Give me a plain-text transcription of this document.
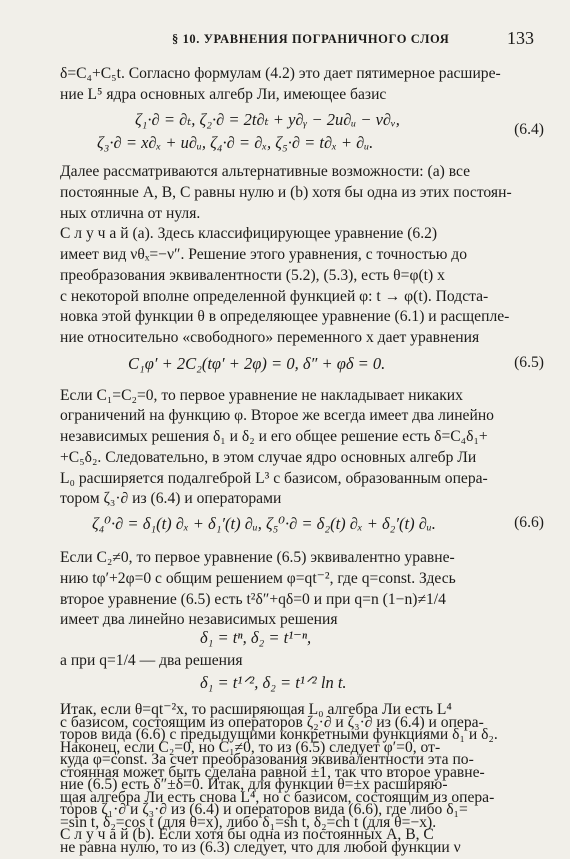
§ 10. УРАВНЕНИЯ ПОГРАНИЧНОГО СЛОЯ	133
δ=C₄+C₅t. Согласно формулам (4.2) это дает пятимерное расшире-
ние L⁵ ядра основных алгебр Ли, имеющее базис
ζ₁·∂ = ∂ₜ, ζ₂·∂ = 2t∂ₜ + y∂ᵧ − 2u∂ᵤ − v∂ᵥ,
ζ₃·∂ = x∂ₓ + u∂ᵤ, ζ₄·∂ = ∂ₓ, ζ₅·∂ = t∂ₓ + ∂ᵤ.
(6.4)
Далее рассматриваются альтернативные возможности: (a) все
постоянные A, B, C равны нулю и (b) хотя бы одна из этих постоян-
ных отлична от нуля.
С л у ч а й (a). Здесь классифицирующее уравнение (6.2)
имеет вид νθₓ=−ν″. Решение этого уравнения, с точностью до
преобразования эквивалентности (5.2), (5.3), есть θ=φ(t) x
с некоторой вполне определенной функцией φ: t → φ(t). Подста-
новка этой функции θ в определяющее уравнение (6.1) и расщепле-
ние относительно «свободного» переменного x дает уравнения
C₁φ′ + 2C₂(tφ′ + 2φ) = 0, δ″ + φδ = 0.	(6.5)
Если C₁=C₂=0, то первое уравнение не накладывает никаких
ограничений на функцию φ. Второе же всегда имеет два линейно
независимых решения δ₁ и δ₂ и его общее решение есть δ=C₄δ₁+
+C₅δ₂. Следовательно, в этом случае ядро основных алгебр Ли
L₀ расширяется подалгеброй L³ с базисом, образованным опера-
тором ζ₃·∂ из (6.4) и операторами
ζ₄⁰·∂ = δ₁(t) ∂ₓ + δ₁′(t) ∂ᵤ, ζ₅⁰·∂ = δ₂(t) ∂ₓ + δ₂′(t) ∂ᵤ.	(6.6)
Если C₂≠0, то первое уравнение (6.5) эквивалентно уравне-
нию tφ′+2φ=0 с общим решением φ=qt⁻², где q=const. Здесь
второе уравнение (6.5) есть t²δ″+qδ=0 и при q=n (1−n)≠1/4
имеет два линейно независимых решения
δ₁ = tⁿ, δ₂ = t¹⁻ⁿ,
а при q=1/4 — два решения
δ₁ = t¹ᐟ², δ₂ = t¹ᐟ² ln t.
Итак, если θ=qt⁻²x, то расширяющая L₀ алгебра Ли есть L⁴
с базисом, состоящим из операторов ζ₂·∂ и ζ₃·∂ из (6.4) и опера-
торов вида (6.6) с предыдущими конкретными функциями δ₁ и δ₂.
Наконец, если C₂=0, но C₁≠0, то из (6.5) следует φ′=0, от-
куда φ=const. За счет преобразования эквивалентности эта по-
стоянная может быть сделана равной ±1, так что второе уравне-
ние (6.5) есть δ″±δ=0. Итак, для функции θ=±x расширяю-
щая алгебра Ли есть снова L⁴, но с базисом, состоящим из опера-
торов ζ₁·∂ и ζ₃·∂ из (6.4) и операторов вида (6.6), где либо δ₁=
=sin t, δ₂=cos t (для θ=x), либо δ₁=sh t, δ₂=ch t (для θ=−x).
С л у ч а й (b). Если хотя бы одна из постоянных A, B, C
не равна нулю, то из (6.3) следует, что для любой функции ν
